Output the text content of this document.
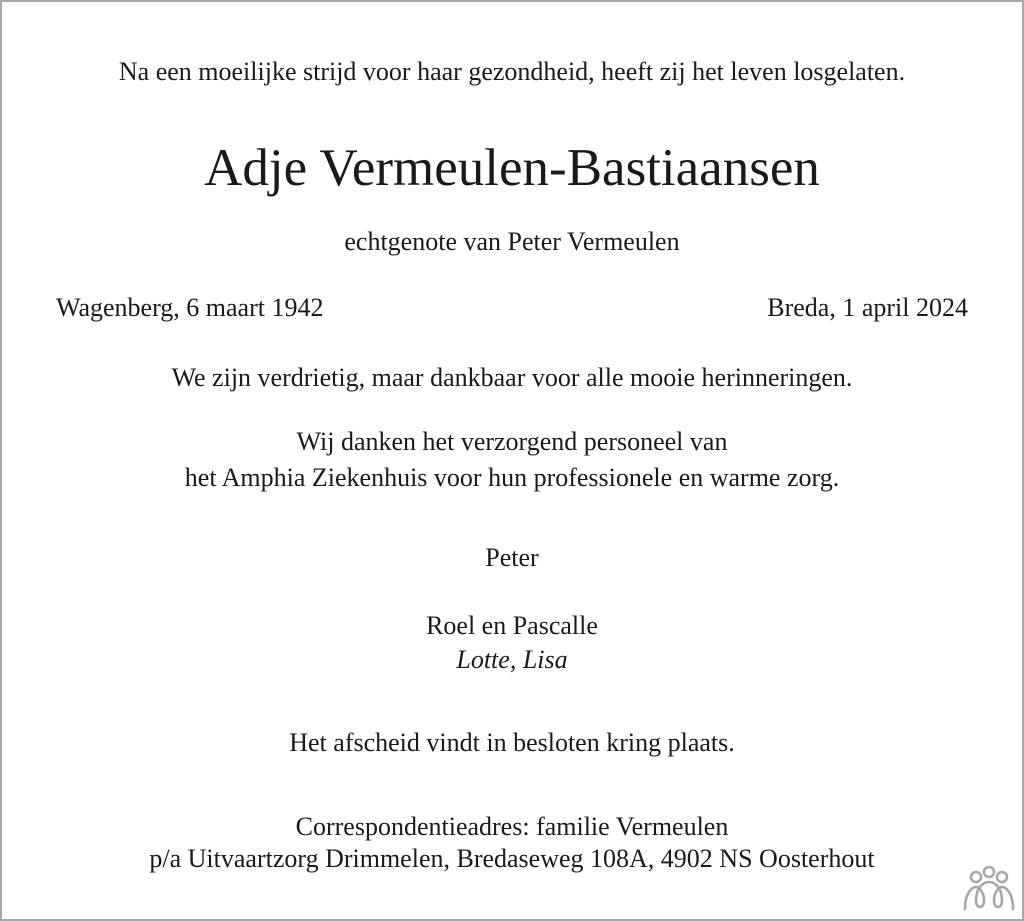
Na een moeilijke strijd voor haar gezondheid, heeft zij het leven losgelaten.
Adje Vermeulen-Bastiaansen
echtgenote van Peter Vermeulen
Wagenberg, 6 maart 1942	Breda, 1 april 2024
We zijn verdrietig, maar dankbaar voor alle mooie herinneringen.
Wij danken het verzorgend personeel van
het Amphia Ziekenhuis voor hun professionele en warme zorg.
Peter
Roel en Pascalle
Lotte, Lisa
Het afscheid vindt in besloten kring plaats.
Correspondentieadres: familie Vermeulen
p/a Uitvaartzorg Drimmelen, Bredaseweg 108A, 4902 NS Oosterhout
